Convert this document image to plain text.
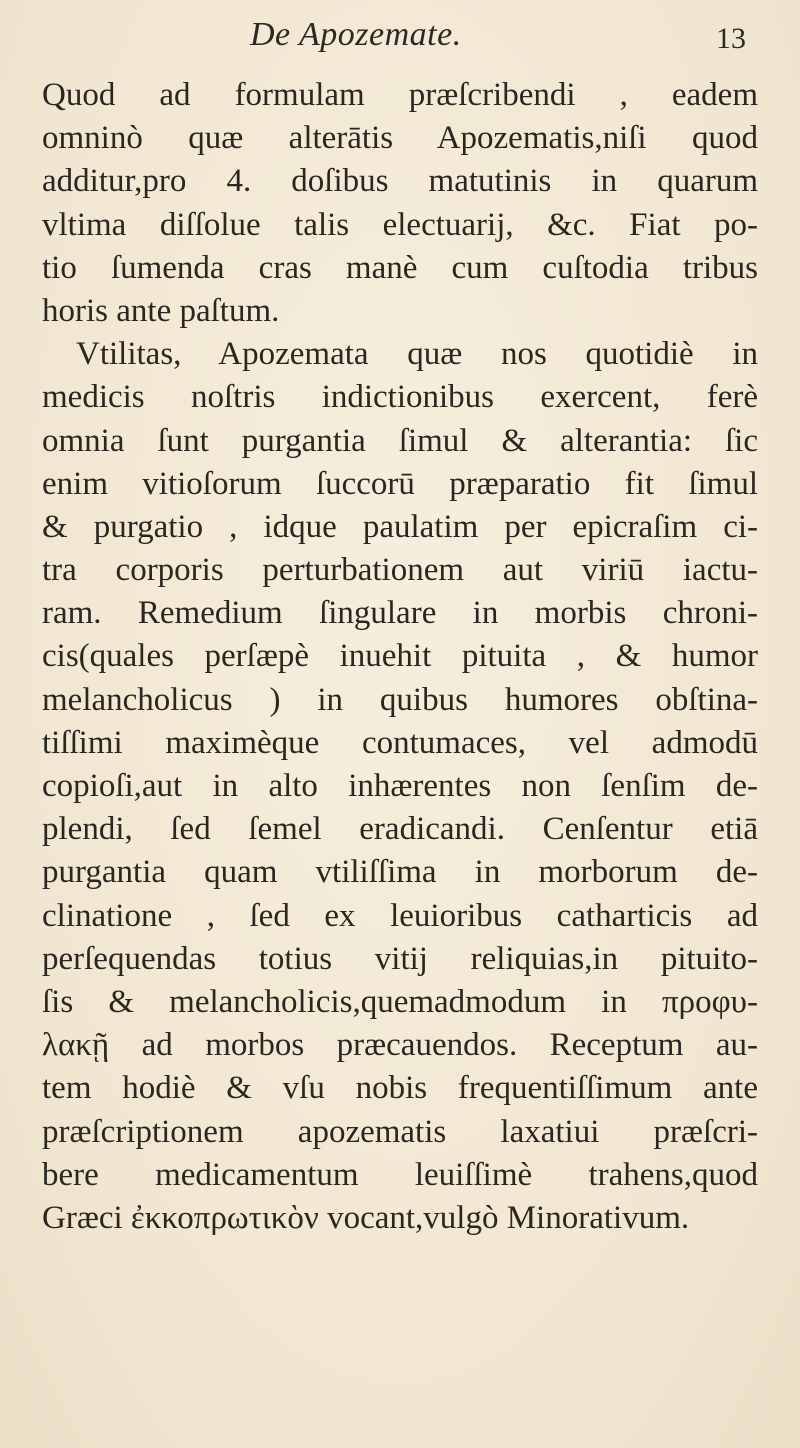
De Apozemate.	13
Quod ad formulam præſcribendi , eadem
omninò quæ alterātis Apozematis,niſi quod
additur,pro 4. doſibus matutinis in quarum
vltima diſſolue talis electuarij, &c. Fiat po-
tio ſumenda cras manè cum cuſtodia tribus
horis ante paſtum.
Vtilitas, Apozemata quæ nos quotidiè in
medicis noſtris indictionibus exercent, ferè
omnia ſunt purgantia ſimul & alterantia: ſic
enim vitioſorum ſuccorū præparatio fit ſimul
& purgatio , idque paulatim per epicraſim ci-
tra corporis perturbationem aut viriū iactu-
ram. Remedium ſingulare in morbis chroni-
cis(quales perſæpè inuehit pituita , & humor
melancholicus ) in quibus humores obſtina-
tiſſimi maximèque contumaces, vel admodū
copioſi,aut in alto inhærentes non ſenſim de-
plendi, ſed ſemel eradicandi. Cenſentur etiā
purgantia quam vtiliſſima in morborum de-
clinatione , ſed ex leuioribus catharticis ad
perſequendas totius vitij reliquias,in pituito-
ſis & melancholicis,quemadmodum in προφυ-
λακῇ ad morbos præcauendos. Receptum au-
tem hodiè & vſu nobis frequentiſſimum ante
præſcriptionem apozematis laxatiui præſcri-
bere medicamentum leuiſſimè trahens,quod
Græci ἐκκοπρωτικὸν vocant,vulgò Minorativum.
